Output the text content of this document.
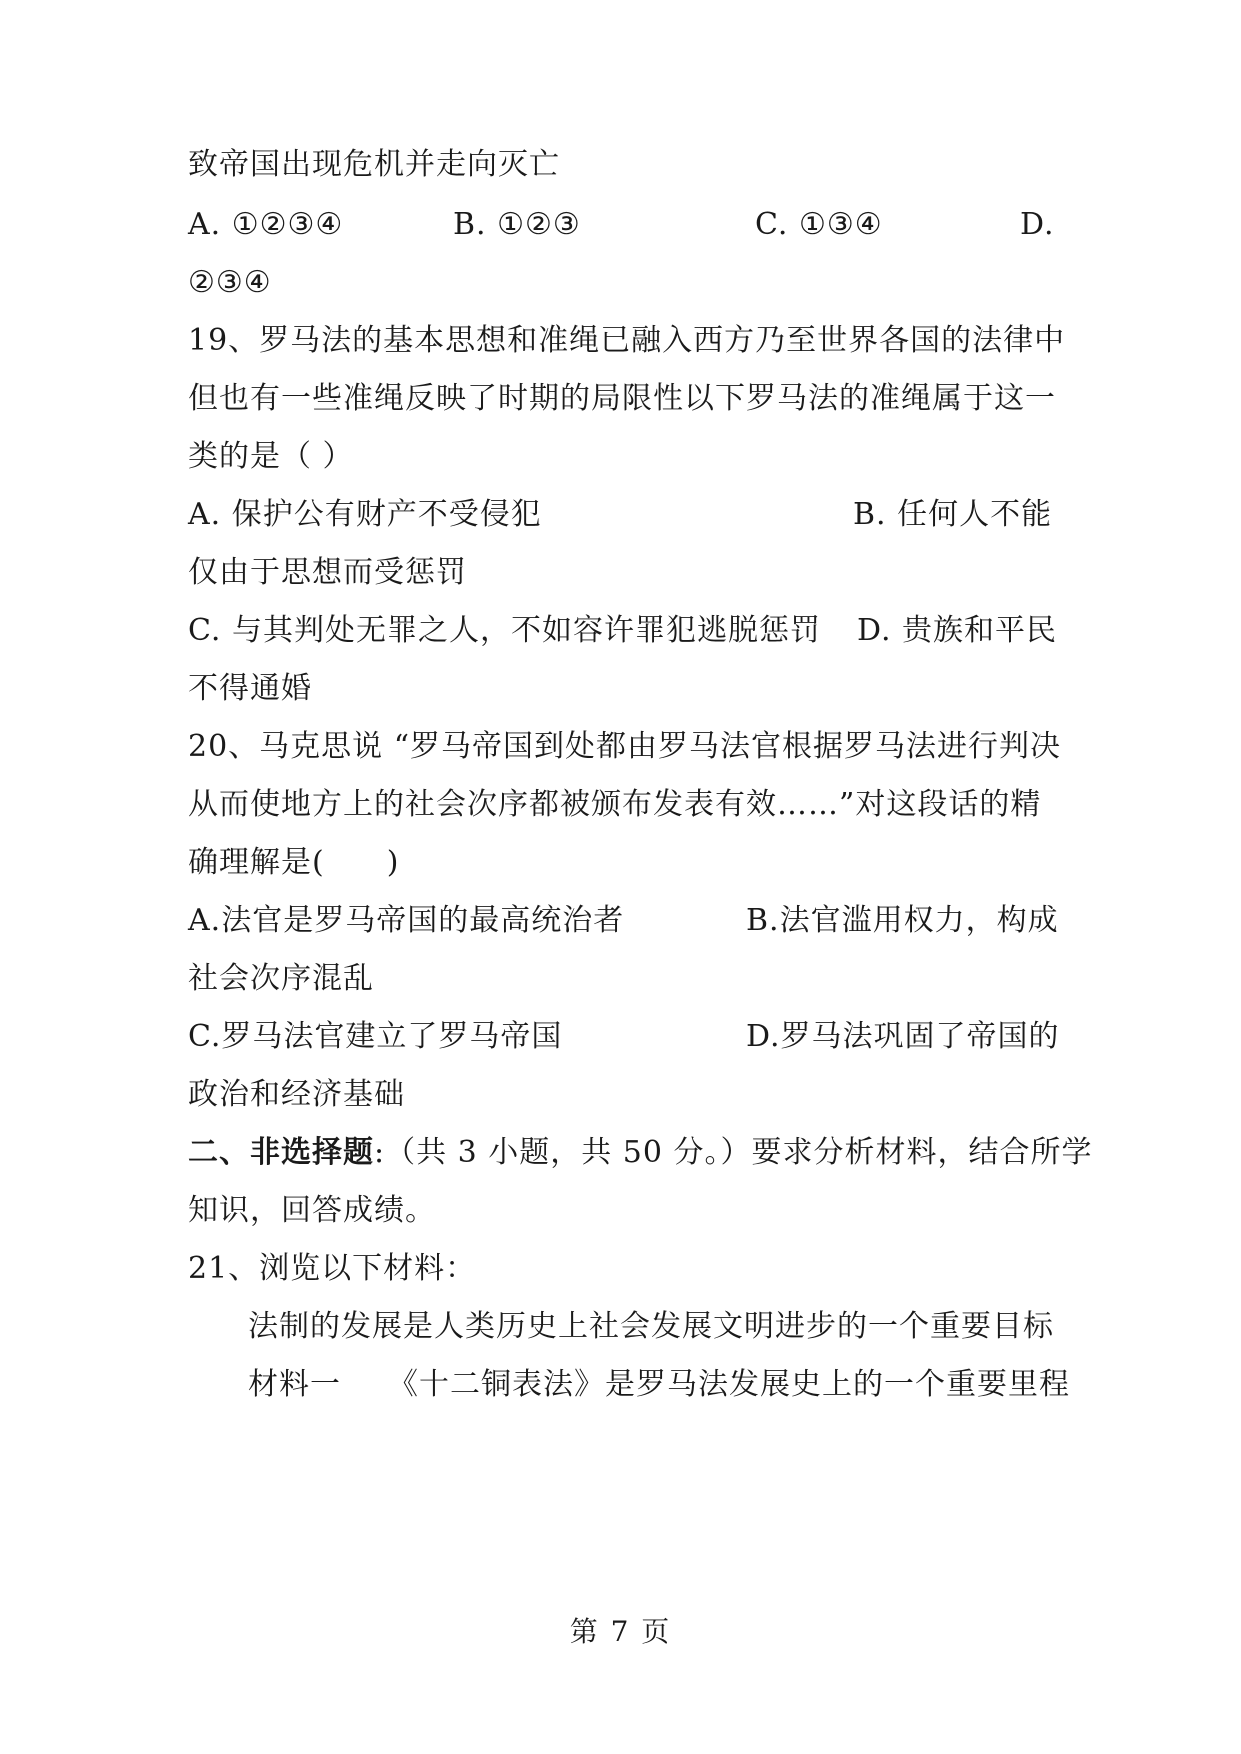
致帝国出现危机并走向灭亡
A. ①②③④	B. ①②③	C. ①③④	D.
②③④
19、罗马法的基本思想和准绳已融入西方乃至世界各国的法律中
但也有一些准绳反映了时期的局限性以下罗马法的准绳属于这一
类的是（ ）
A. 保护公有财产不受侵犯	B. 任何人不能
仅由于思想而受惩罚
C. 与其判处无罪之人，不如容许罪犯逃脱惩罚 D. 贵族和平民
不得通婚
20、马克思说 “罗马帝国到处都由罗马法官根据罗马法进行判决
从而使地方上的社会次序都被颁布发表有效……”对这段话的精
确理解是(　　)
A.法官是罗马帝国的最高统治者	B.法官滥用权力，构成
社会次序混乱
C.罗马法官建立了罗马帝国	D.罗马法巩固了帝国的
政治和经济基础
二、非选择题:（共 3 小题，共 50 分。）要求分析材料，结合所学
知识，回答成绩。
21、浏览以下材料：
法制的发展是人类历史上社会发展文明进步的一个重要目标
材料一　　《十二铜表法》是罗马法发展史上的一个重要里程
第 7 页
